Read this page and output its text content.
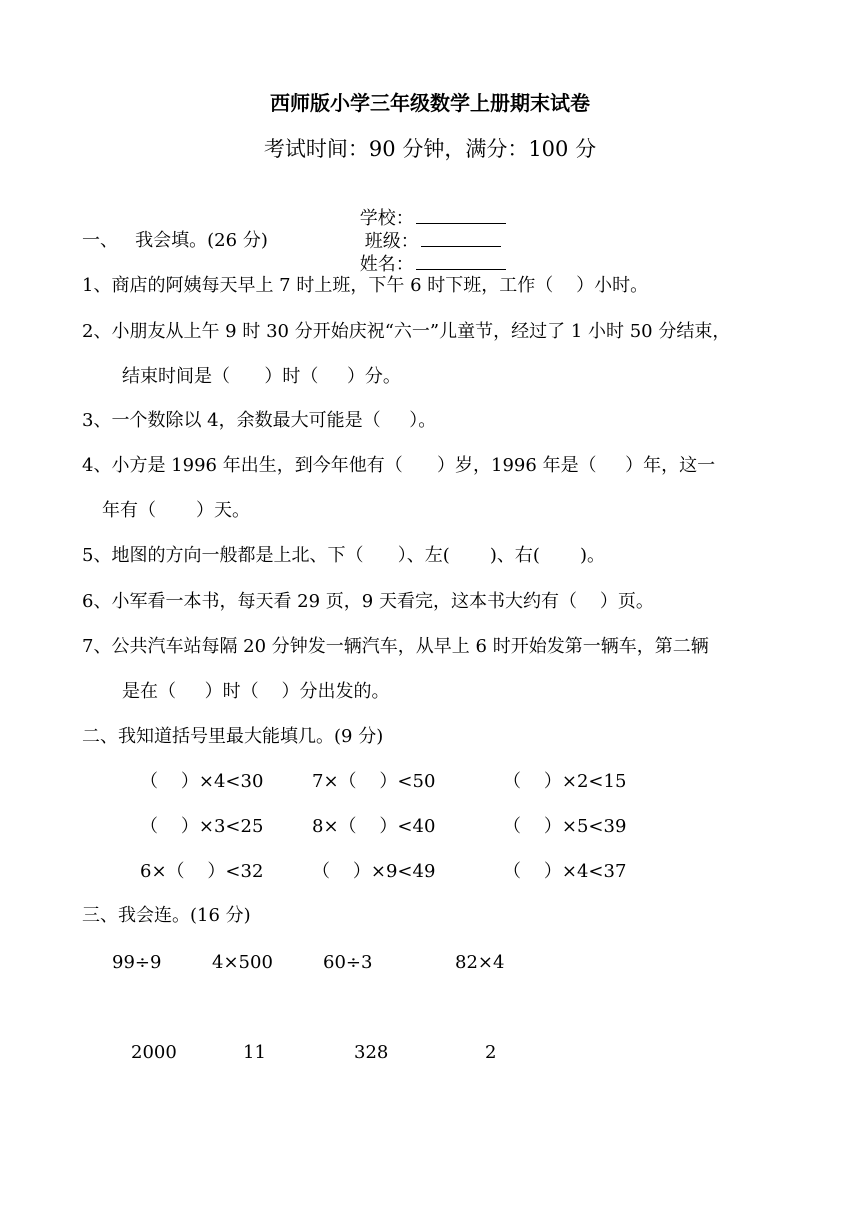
西师版小学三年级数学上册期末试卷
考试时间：90 分钟，满分：100 分

学校：
班级：
姓名：

一、   我会填。(26 分)
1、商店的阿姨每天早上 7 时上班，下午 6 时下班，工作（    ）小时。
2、小朋友从上午 9 时 30 分开始庆祝“六一”儿童节，经过了 1 小时 50 分结束，
结束时间是（      ）时（     ）分。
3、一个数除以 4，余数最大可能是（     ）。
4、小方是 1996 年出生，到今年他有（      ）岁，1996 年是（     ）年，这一
年有（       ）天。
5、地图的方向一般都是上北、下（      ）、左(       )、右(       )。
6、小军看一本书，每天看 29 页，9 天看完，这本书大约有（    ）页。
7、公共汽车站每隔 20 分钟发一辆汽车，从早上 6 时开始发第一辆车，第二辆
是在（     ）时（    ）分出发的。
二、我知道括号里最大能填几。(9 分)
（    ）×4<30	7×（    ）<50	（    ）×2<15
（    ）×3<25	8×（    ）<40	（    ）×5<39
6×（    ）<32	（    ）×9<49	（    ）×4<37
三、我会连。(16 分)
99÷9	4×500	60÷3	82×4
2000	11	328	2
